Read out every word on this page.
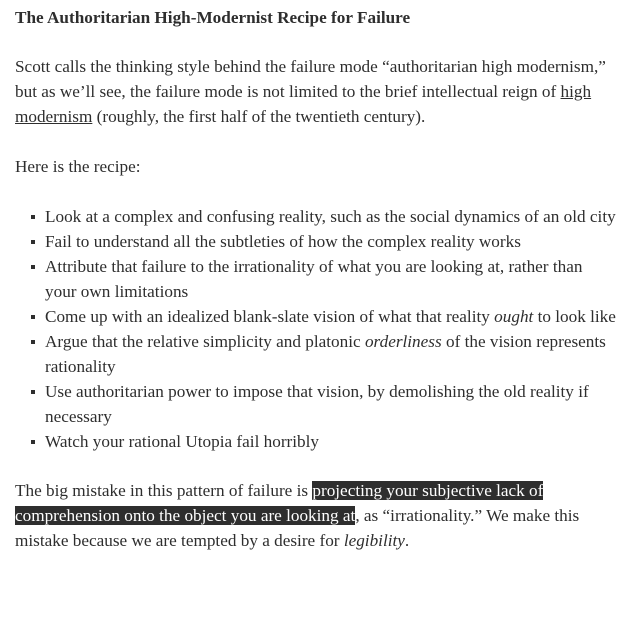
The Authoritarian High-Modernist Recipe for Failure

Scott calls the thinking style behind the failure mode “authoritarian high modernism,” but as we’ll see, the failure mode is not limited to the brief intellectual reign of high modernism (roughly, the first half of the twentieth century).

Here is the recipe:

Look at a complex and confusing reality, such as the social dynamics of an old city
Fail to understand all the subtleties of how the complex reality works
Attribute that failure to the irrationality of what you are looking at, rather than your own limitations
Come up with an idealized blank-slate vision of what that reality ought to look like
Argue that the relative simplicity and platonic orderliness of the vision represents rationality
Use authoritarian power to impose that vision, by demolishing the old reality if necessary
Watch your rational Utopia fail horribly

The big mistake in this pattern of failure is projecting your subjective lack of comprehension onto the object you are looking at, as “irrationality.” We make this mistake because we are tempted by a desire for legibility.
